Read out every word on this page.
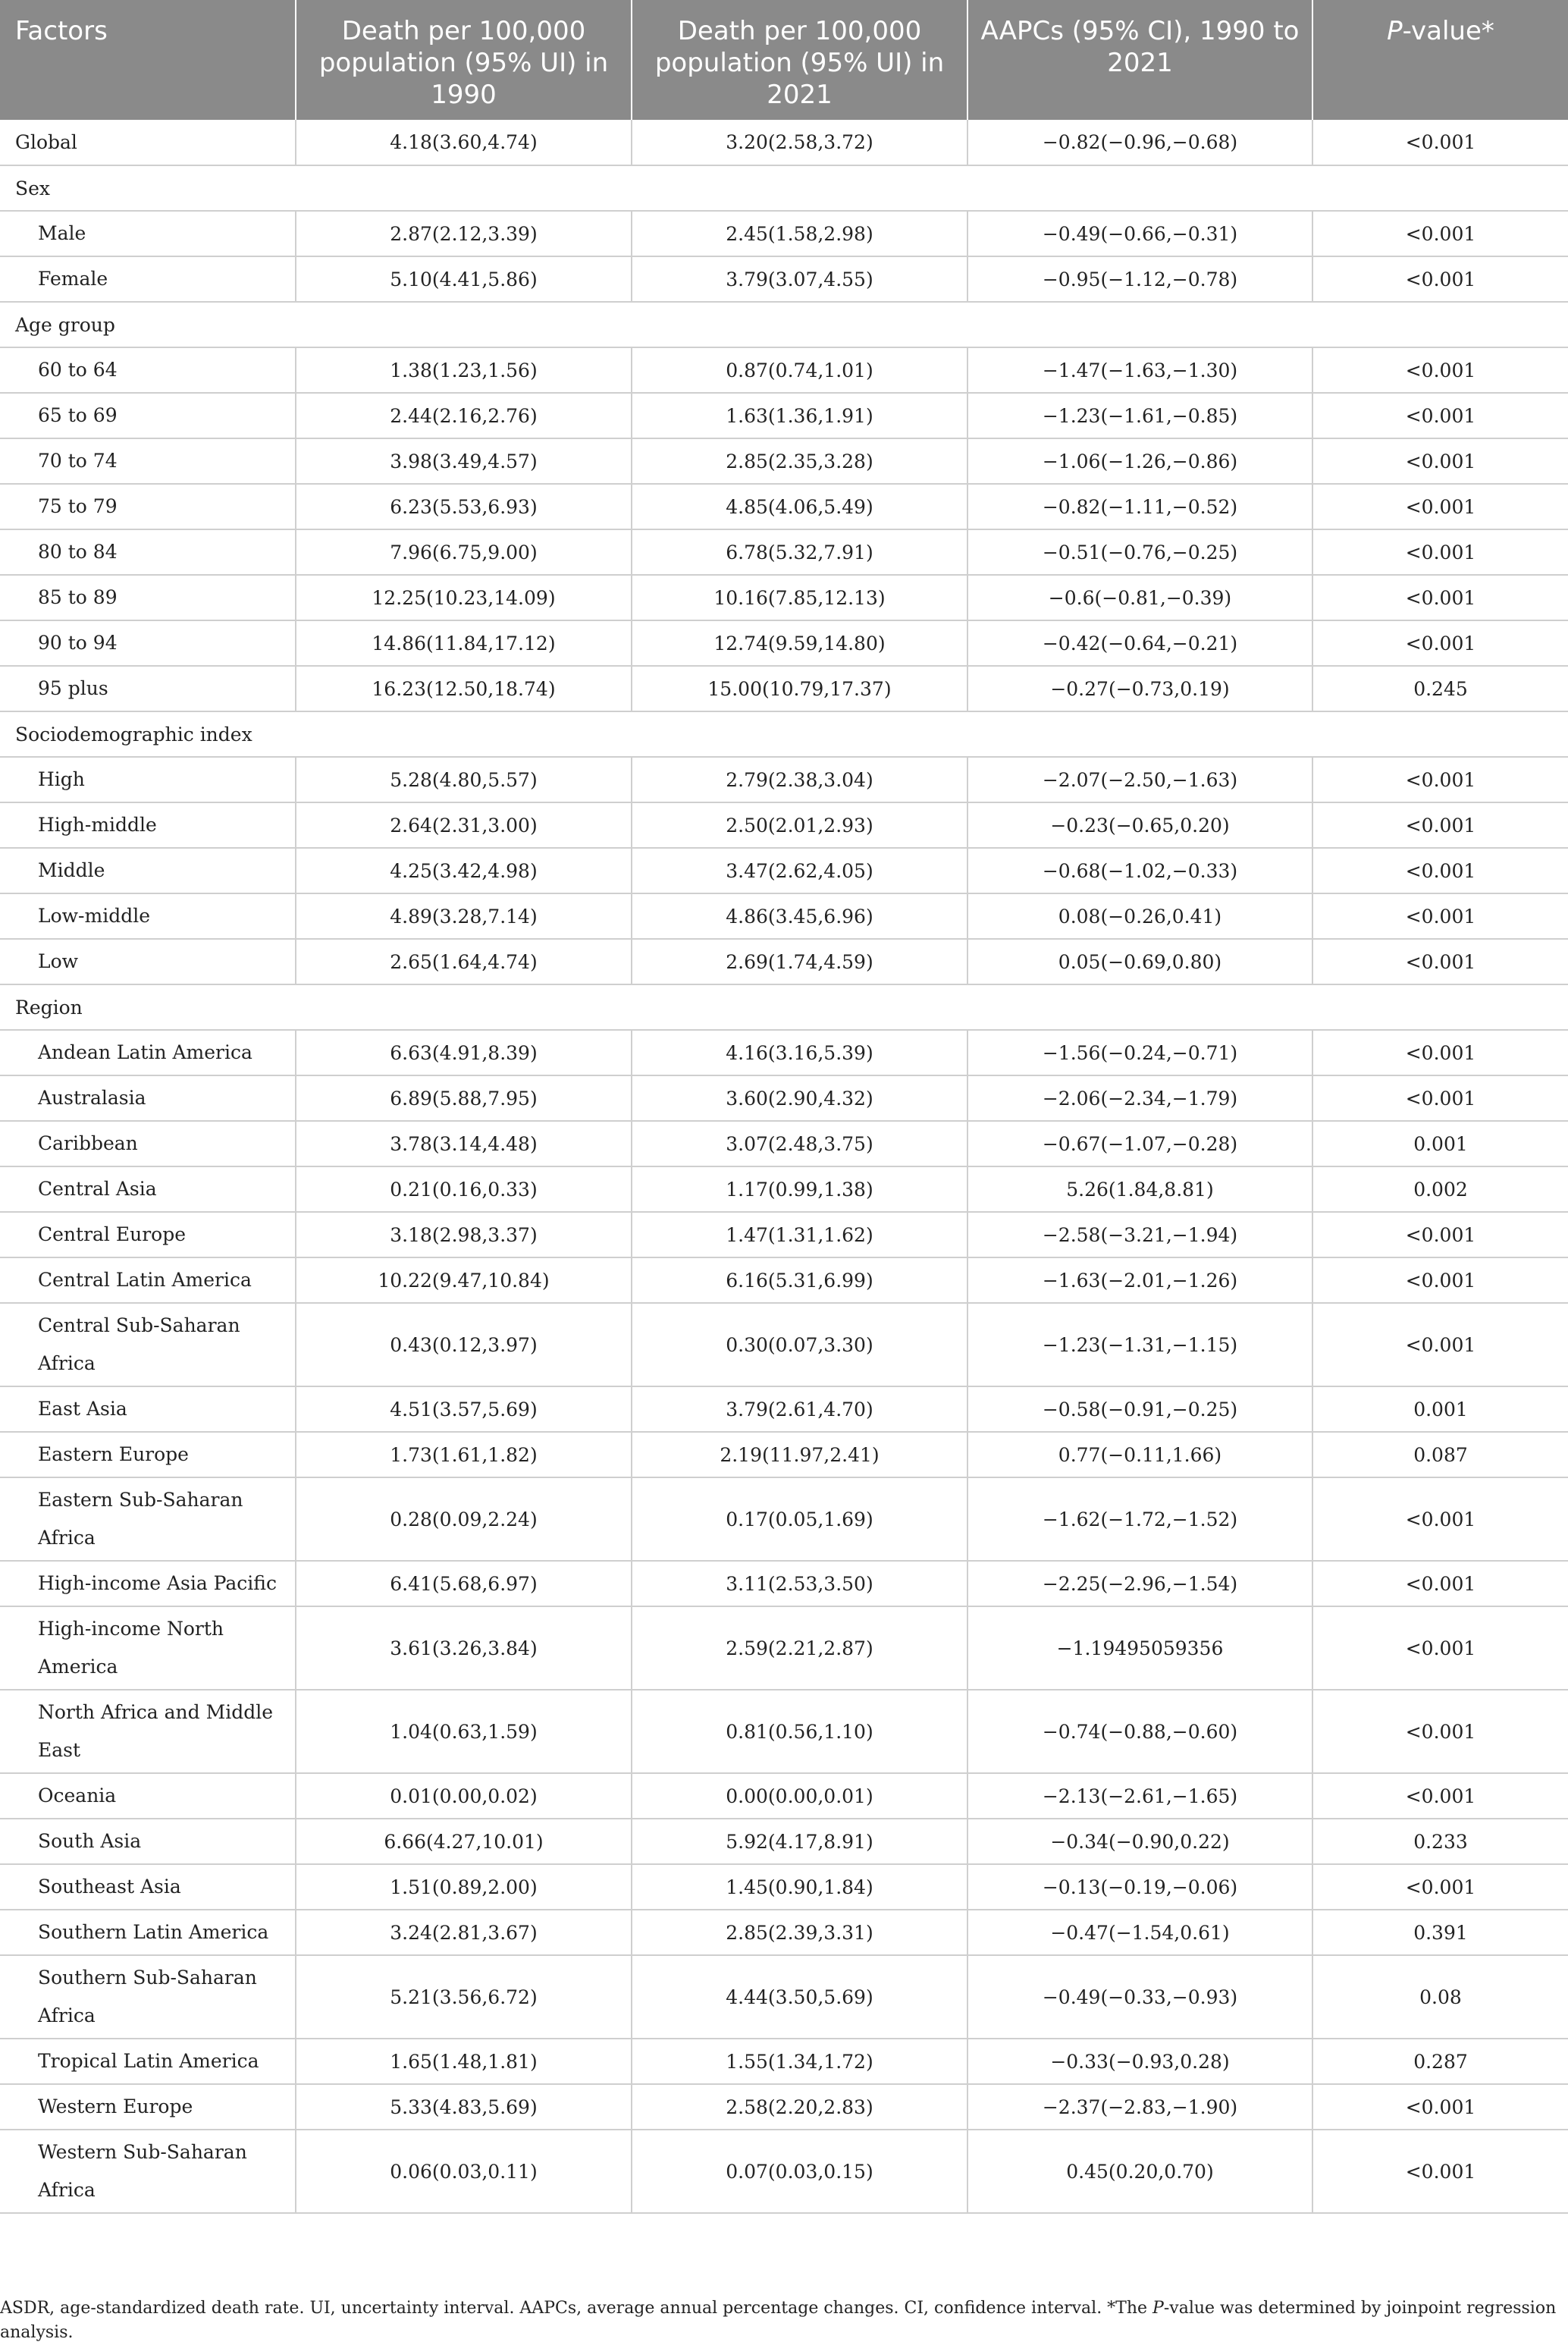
Factors	Death per 100,000 population (95% UI) in 1990	Death per 100,000 population (95% UI) in 2021	AAPCs (95% CI), 1990 to 2021	P-value*
Global	4.18(3.60,4.74)	3.20(2.58,3.72)	−0.82(−0.96,−0.68)	<0.001
Sex				
Male	2.87(2.12,3.39)	2.45(1.58,2.98)	−0.49(−0.66,−0.31)	<0.001
Female	5.10(4.41,5.86)	3.79(3.07,4.55)	−0.95(−1.12,−0.78)	<0.001
Age group				
60 to 64	1.38(1.23,1.56)	0.87(0.74,1.01)	−1.47(−1.63,−1.30)	<0.001
65 to 69	2.44(2.16,2.76)	1.63(1.36,1.91)	−1.23(−1.61,−0.85)	<0.001
70 to 74	3.98(3.49,4.57)	2.85(2.35,3.28)	−1.06(−1.26,−0.86)	<0.001
75 to 79	6.23(5.53,6.93)	4.85(4.06,5.49)	−0.82(−1.11,−0.52)	<0.001
80 to 84	7.96(6.75,9.00)	6.78(5.32,7.91)	−0.51(−0.76,−0.25)	<0.001
85 to 89	12.25(10.23,14.09)	10.16(7.85,12.13)	−0.6(−0.81,−0.39)	<0.001
90 to 94	14.86(11.84,17.12)	12.74(9.59,14.80)	−0.42(−0.64,−0.21)	<0.001
95 plus	16.23(12.50,18.74)	15.00(10.79,17.37)	−0.27(−0.73,0.19)	0.245
Sociodemographic index				
High	5.28(4.80,5.57)	2.79(2.38,3.04)	−2.07(−2.50,−1.63)	<0.001
High-middle	2.64(2.31,3.00)	2.50(2.01,2.93)	−0.23(−0.65,0.20)	<0.001
Middle	4.25(3.42,4.98)	3.47(2.62,4.05)	−0.68(−1.02,−0.33)	<0.001
Low-middle	4.89(3.28,7.14)	4.86(3.45,6.96)	0.08(−0.26,0.41)	<0.001
Low	2.65(1.64,4.74)	2.69(1.74,4.59)	0.05(−0.69,0.80)	<0.001
Region				
Andean Latin America	6.63(4.91,8.39)	4.16(3.16,5.39)	−1.56(−0.24,−0.71)	<0.001
Australasia	6.89(5.88,7.95)	3.60(2.90,4.32)	−2.06(−2.34,−1.79)	<0.001
Caribbean	3.78(3.14,4.48)	3.07(2.48,3.75)	−0.67(−1.07,−0.28)	0.001
Central Asia	0.21(0.16,0.33)	1.17(0.99,1.38)	5.26(1.84,8.81)	0.002
Central Europe	3.18(2.98,3.37)	1.47(1.31,1.62)	−2.58(−3.21,−1.94)	<0.001
Central Latin America	10.22(9.47,10.84)	6.16(5.31,6.99)	−1.63(−2.01,−1.26)	<0.001
Central Sub-Saharan Africa	0.43(0.12,3.97)	0.30(0.07,3.30)	−1.23(−1.31,−1.15)	<0.001
East Asia	4.51(3.57,5.69)	3.79(2.61,4.70)	−0.58(−0.91,−0.25)	0.001
Eastern Europe	1.73(1.61,1.82)	2.19(11.97,2.41)	0.77(−0.11,1.66)	0.087
Eastern Sub-Saharan Africa	0.28(0.09,2.24)	0.17(0.05,1.69)	−1.62(−1.72,−1.52)	<0.001
High-income Asia Pacific	6.41(5.68,6.97)	3.11(2.53,3.50)	−2.25(−2.96,−1.54)	<0.001
High-income North America	3.61(3.26,3.84)	2.59(2.21,2.87)	−1.19495059356	<0.001
North Africa and Middle East	1.04(0.63,1.59)	0.81(0.56,1.10)	−0.74(−0.88,−0.60)	<0.001
Oceania	0.01(0.00,0.02)	0.00(0.00,0.01)	−2.13(−2.61,−1.65)	<0.001
South Asia	6.66(4.27,10.01)	5.92(4.17,8.91)	−0.34(−0.90,0.22)	0.233
Southeast Asia	1.51(0.89,2.00)	1.45(0.90,1.84)	−0.13(−0.19,−0.06)	<0.001
Southern Latin America	3.24(2.81,3.67)	2.85(2.39,3.31)	−0.47(−1.54,0.61)	0.391
Southern Sub-Saharan Africa	5.21(3.56,6.72)	4.44(3.50,5.69)	−0.49(−0.33,−0.93)	0.08
Tropical Latin America	1.65(1.48,1.81)	1.55(1.34,1.72)	−0.33(−0.93,0.28)	0.287
Western Europe	5.33(4.83,5.69)	2.58(2.20,2.83)	−2.37(−2.83,−1.90)	<0.001
Western Sub-Saharan Africa	0.06(0.03,0.11)	0.07(0.03,0.15)	0.45(0.20,0.70)	<0.001
ASDR, age-standardized death rate. UI, uncertainty interval. AAPCs, average annual percentage changes. CI, confidence interval. *The P-value was determined by joinpoint regression analysis.
